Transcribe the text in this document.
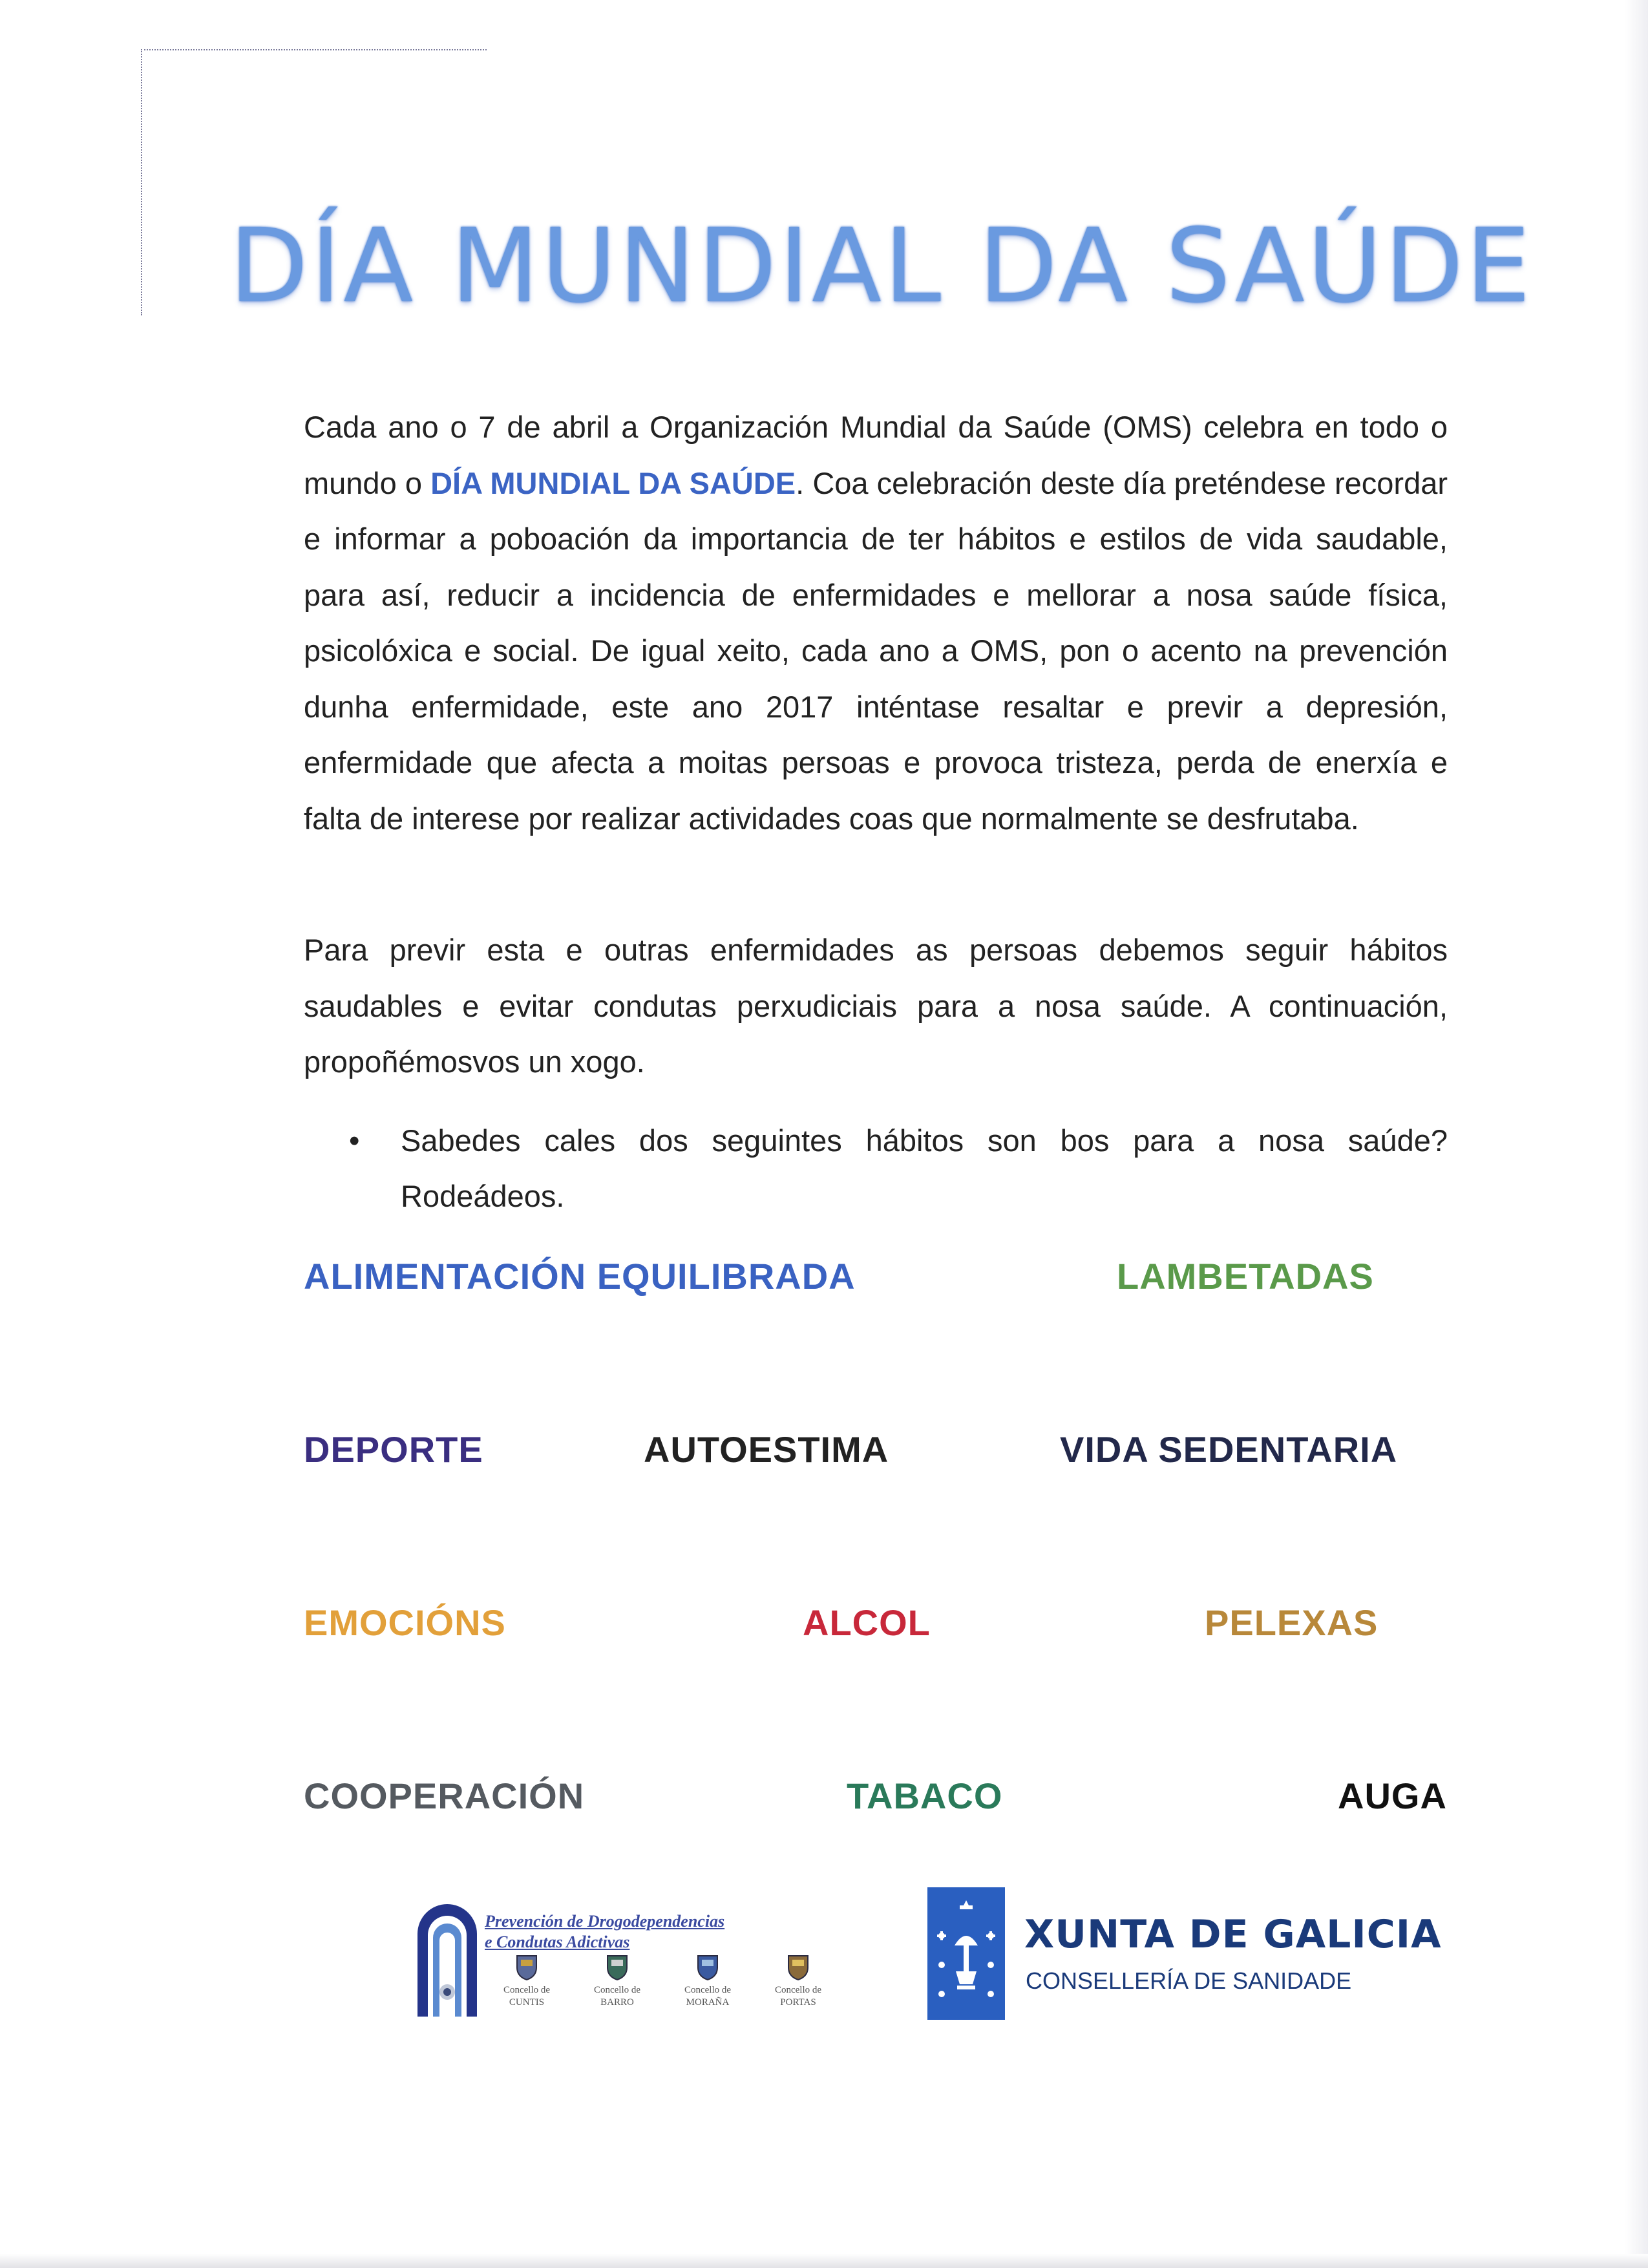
DÍA MUNDIAL DA SAÚDE

Cada ano o 7 de abril a Organización Mundial da Saúde (OMS) celebra en todo o mundo o DÍA MUNDIAL DA SAÚDE. Coa celebración deste día preténdese recordar e informar a poboación da importancia de ter hábitos e estilos de vida saudable, para así, reducir a incidencia de enfermidades e mellorar a nosa saúde física, psicolóxica e social. De igual xeito, cada ano a OMS, pon o acento na prevención dunha enfermidade, este ano 2017 inténtase resaltar e previr a depresión, enfermidade que afecta a moitas persoas e provoca tristeza, perda de enerxía e falta de interese por realizar actividades coas que normalmente se desfrutaba.

Para previr esta e outras enfermidades as persoas debemos seguir hábitos saudables e evitar condutas perxudiciais para a nosa saúde. A continuación, propoñémosvos un xogo.

• Sabedes cales dos seguintes hábitos son bos para a nosa saúde? Rodeádeos.
ALIMENTACIÓN EQUILIBRADA	LAMBETADAS
DEPORTE	AUTOESTIMA	VIDA SEDENTARIA
EMOCIÓNS	ALCOL	PELEXAS
COOPERACIÓN	TABACO	AUGA
Prevención de Drogodependencias
e Condutas Adictivas
Concello de
CUNTIS
Concello de
BARRO
Concello de
MORAÑA
Concello de
PORTAS
XUNTA DE GALICIA
CONSELLERÍA DE SANIDADE
